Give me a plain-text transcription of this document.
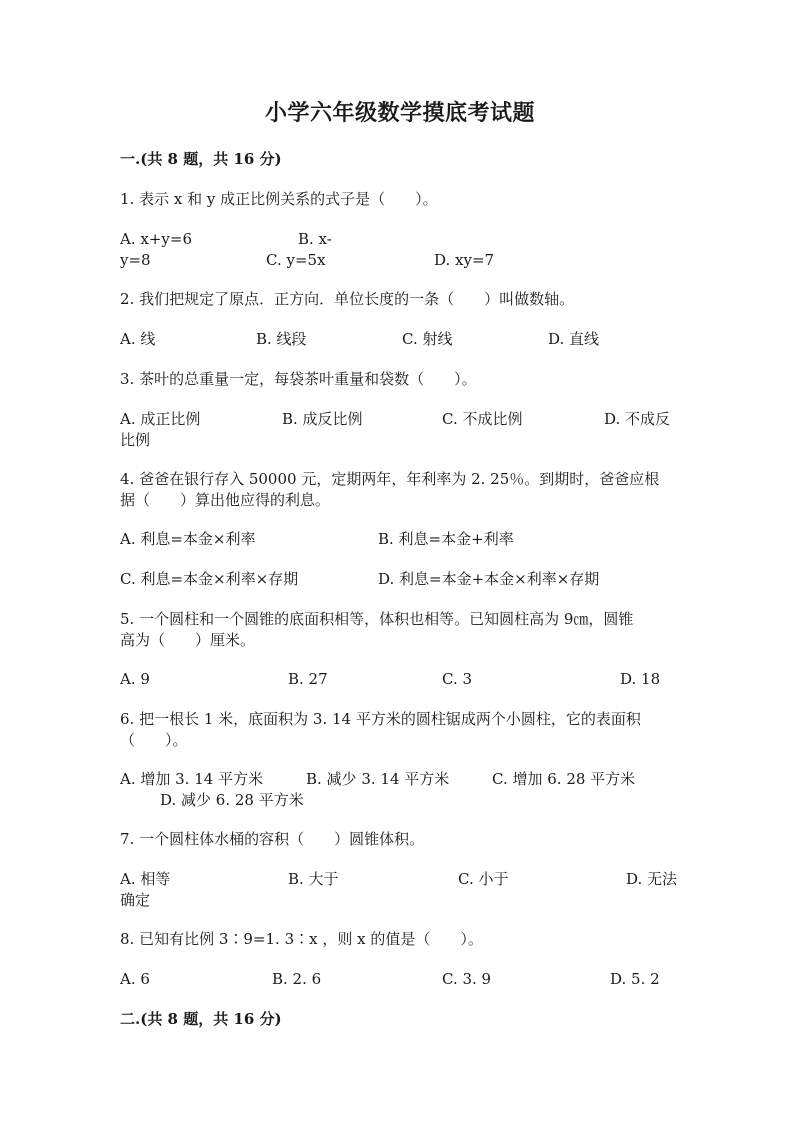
小学六年级数学摸底考试题
一.(共 8 题，共 16 分)
1. 表示 x 和 y 成正比例关系的式子是（　　）。
A. x+y=6	B. x-
y=8	C. y=5x	D. xy=7
2. 我们把规定了原点．正方向．单位长度的一条（　　）叫做数轴。
A. 线	B. 线段	C. 射线	D. 直线
3. 茶叶的总重量一定，每袋茶叶重量和袋数（　　）。
A. 成正比例	B. 成反比例	C. 不成比例	D. 不成反
比例
4. 爸爸在银行存入 50000 元，定期两年，年利率为 2. 25％。到期时，爸爸应根
据（　　）算出他应得的利息。
A. 利息=本金×利率	B. 利息=本金+利率
C. 利息=本金×利率×存期	D. 利息=本金+本金×利率×存期
5. 一个圆柱和一个圆锥的底面积相等，体积也相等。已知圆柱高为 9㎝，圆锥
高为（　　）厘米。
A. 9	B. 27	C. 3	D. 18
6. 把一根长 1 米，底面积为 3. 14 平方米的圆柱锯成两个小圆柱，它的表面积
（　　）。
A. 增加 3. 14 平方米	B. 减少 3. 14 平方米	C. 增加 6. 28 平方米
D. 减少 6. 28 平方米
7. 一个圆柱体水桶的容积（　　）圆锥体积。
A. 相等	B. 大于	C. 小于	D. 无法
确定
8. 已知有比例 3∶9=1. 3∶x ，则 x 的值是（　　）。
A. 6	B. 2. 6	C. 3. 9	D. 5. 2
二.(共 8 题，共 16 分)
